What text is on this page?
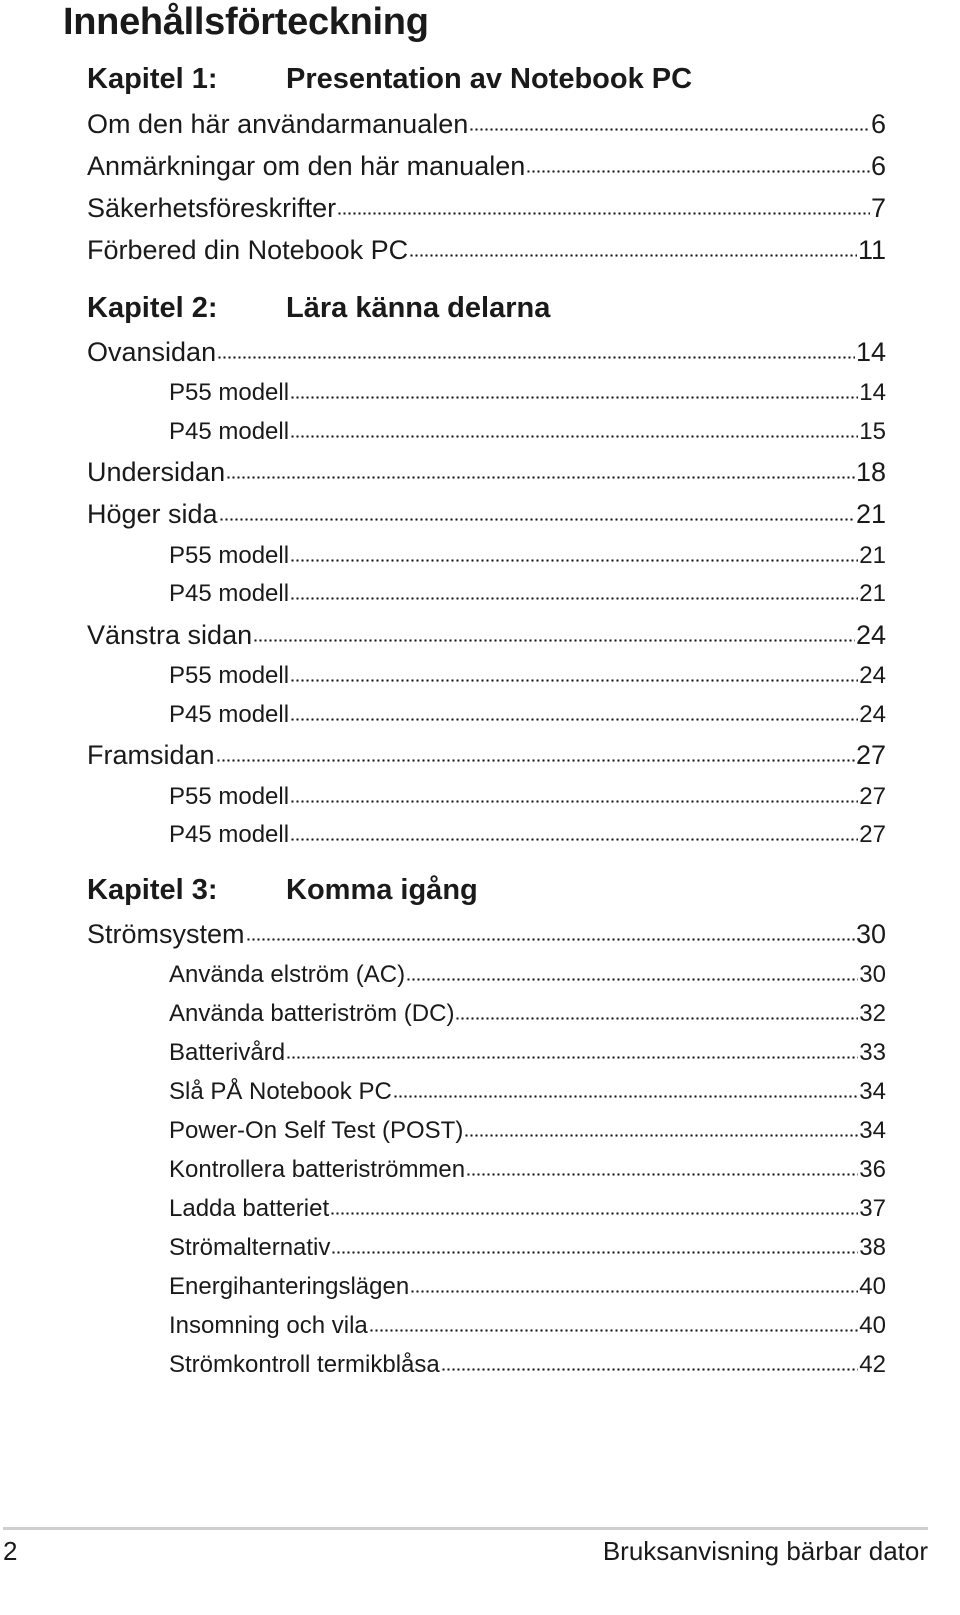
Innehållsförteckning
Kapitel 1: Presentation av Notebook PC
Om den här användarmanualen	6
Anmärkningar om den här manualen	6
Säkerhetsföreskrifter	7
Förbered din Notebook PC	11
Kapitel 2: Lära känna delarna
Ovansidan	14
P55 modell	14
P45 modell	15
Undersidan	18
Höger sida	21
P55 modell	21
P45 modell	21
Vänstra sidan	24
P55 modell	24
P45 modell	24
Framsidan	27
P55 modell	27
P45 modell	27
Kapitel 3: Komma igång
Strömsystem	30
Använda elström (AC)	30
Använda batteriström (DC)	32
Batterivård	33
Slå PÅ Notebook PC	34
Power-On Self Test (POST)	34
Kontrollera batteriströmmen	36
Ladda batteriet	37
Strömalternativ	38
Energihanteringslägen	40
Insomning och vila	40
Strömkontroll termikblåsa	42
2	Bruksanvisning bärbar dator
